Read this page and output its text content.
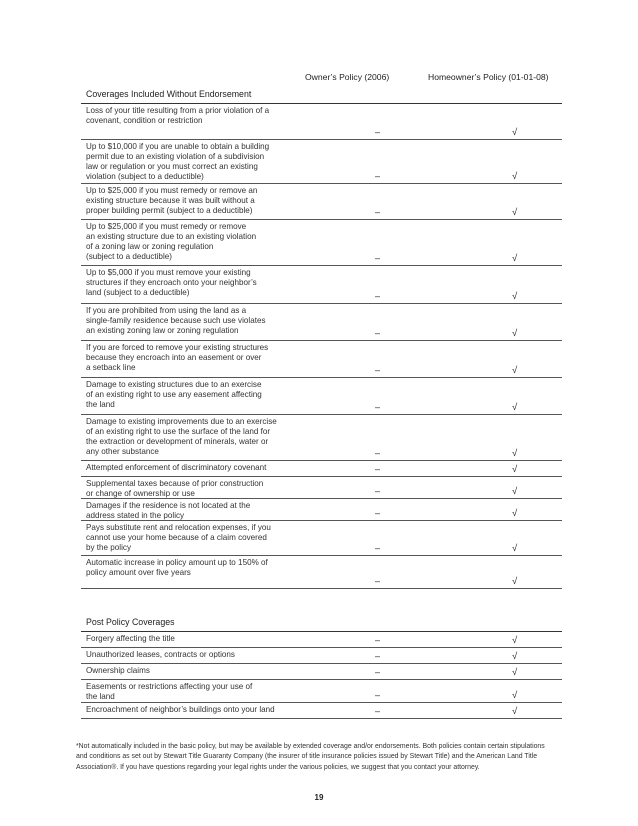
Owner’s Policy (2006)	Homeowner’s Policy (01-01-08)
Coverages Included Without Endorsement
Loss of your title resulting from a prior violation of a
covenant, condition or restriction
–	√
Up to $10,000 if you are unable to obtain a building
permit due to an existing violation of a subdivision
law or regulation or you must correct an existing
violation (subject to a deductible)	–	√
Up to $25,000 if you must remedy or remove an
existing structure because it was built without a
proper building permit (subject to a deductible)	–	√
Up to $25,000 if you must remedy or remove
an existing structure due to an existing violation
of a zoning law or zoning regulation
(subject to a deductible)	–	√
Up to $5,000 if you must remove your existing
structures if they encroach onto your neighbor’s
land (subject to a deductible)	–	√
If you are prohibited from using the land as a
single-family residence because such use violates
an existing zoning law or zoning regulation	–	√
If you are forced to remove your existing structures
because they encroach into an easement or over
a setback line	–	√
Damage to existing structures due to an exercise
of an existing right to use any easement affecting
the land	–	√
Damage to existing improvements due to an exercise
of an existing right to use the surface of the land for
the extraction or development of minerals, water or
any other substance	–	√
Attempted enforcement of discriminatory covenant	–	√
Supplemental taxes because of prior construction
or change of ownership or use	–	√
Damages if the residence is not located at the
address stated in the policy	–	√
Pays substitute rent and relocation expenses, if you
cannot use your home because of a claim covered
by the policy	–	√
Automatic increase in policy amount up to 150% of
policy amount over five years
–	√
Post Policy Coverages
Forgery affecting the title	–	√
Unauthorized leases, contracts or options	–	√
Ownership claims	–	√
Easements or restrictions affecting your use of
the land	–	√
Encroachment of neighbor’s buildings onto your land	–	√
*Not automatically included in the basic policy, but may be available by extended coverage and/or endorsements. Both policies contain certain stipulations and conditions as set out by Stewart Title Guaranty Company (the insurer of title insurance policies issued by Stewart Title) and the American Land Title Association®. If you have questions regarding your legal rights under the various policies, we suggest that you contact your attorney.
19
